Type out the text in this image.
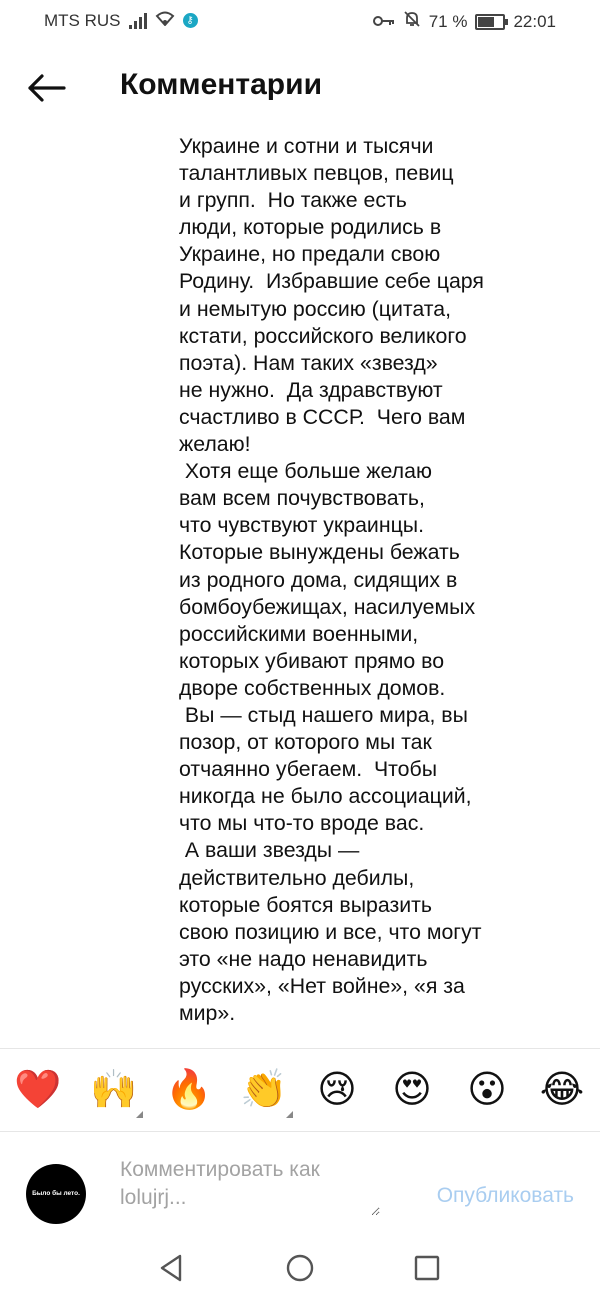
MTS RUS	⚷	71 %	22:01
Комментарии
Украине и сотни и тысячи
талантливых певцов, певиц
и групп.  Но также есть
люди, которые родились в
Украине, но предали свою
Родину.  Избравшие себе царя
и немытую россию (цитата,
кстати, российского великого
поэта). Нам таких «звезд»
не нужно.  Да здравствуют
счастливо в СССР.  Чего вам
желаю!
Хотя еще больше желаю
вам всем почувствовать,
что чувствуют украинцы.
Которые вынуждены бежать
из родного дома, сидящих в
бомбоубежищах, насилуемых
российскими военными,
которых убивают прямо во
дворе собственных домов.
Вы — стыд нашего мира, вы
позор, от которого мы так
отчаянно убегаем.  Чтобы
никогда не было ассоциаций,
что мы что-то вроде вас.
А ваши звезды —
действительно дебилы,
которые боятся выразить
свою позицию и все, что могут
это «не надо ненавидить
русских», «Нет войне», «я за
мир».
❤️ 🙌 🔥 👏 😢 😍 😮 😂
Было бы лето.
Комментировать как lolujrj...	Опубликовать
